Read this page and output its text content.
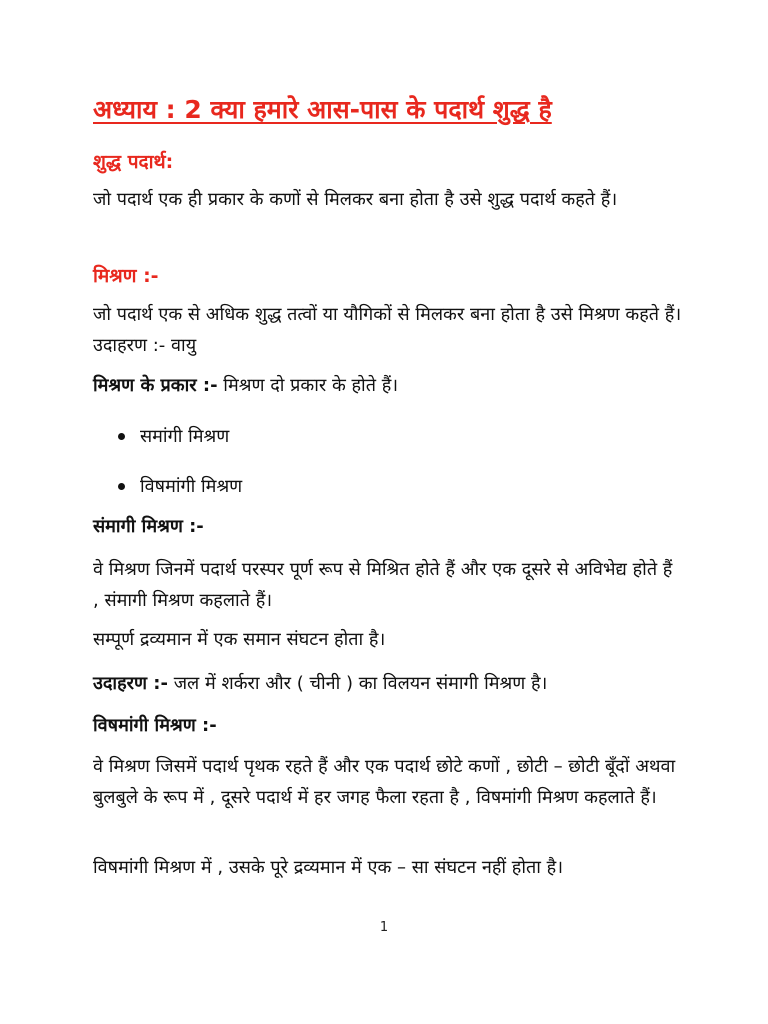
अध्याय : 2 क्या हमारे आस-पास के पदार्थ शुद्ध है
शुद्ध पदार्थ:

जो पदार्थ एक ही प्रकार के कणों से मिलकर बना होता है उसे शुद्ध पदार्थ कहते हैं।

मिश्रण :-

जो पदार्थ एक से अधिक शुद्ध तत्वों या यौगिकों से मिलकर बना होता है उसे मिश्रण कहते हैं। उदाहरण :- वायु

मिश्रण के प्रकार :- मिश्रण दो प्रकार के होते हैं।

समांगी मिश्रण
विषमांगी मिश्रण

संमागी मिश्रण :-

वे मिश्रण जिनमें पदार्थ परस्पर पूर्ण रूप से मिश्रित होते हैं और एक दूसरे से अविभेद्य होते हैं , संमागी मिश्रण कहलाते हैं।

सम्पूर्ण द्रव्यमान में एक समान संघटन होता है।

उदाहरण :- जल में शर्करा और ( चीनी ) का विलयन संमागी मिश्रण है।

विषमांगी मिश्रण :-

वे मिश्रण जिसमें पदार्थ पृथक रहते हैं और एक पदार्थ छोटे कणों , छोटी – छोटी बूँदों अथवा बुलबुले के रूप में , दूसरे पदार्थ में हर जगह फैला रहता है , विषमांगी मिश्रण कहलाते हैं।

विषमांगी मिश्रण में , उसके पूरे द्रव्यमान में एक – सा संघटन नहीं होता है।

1
